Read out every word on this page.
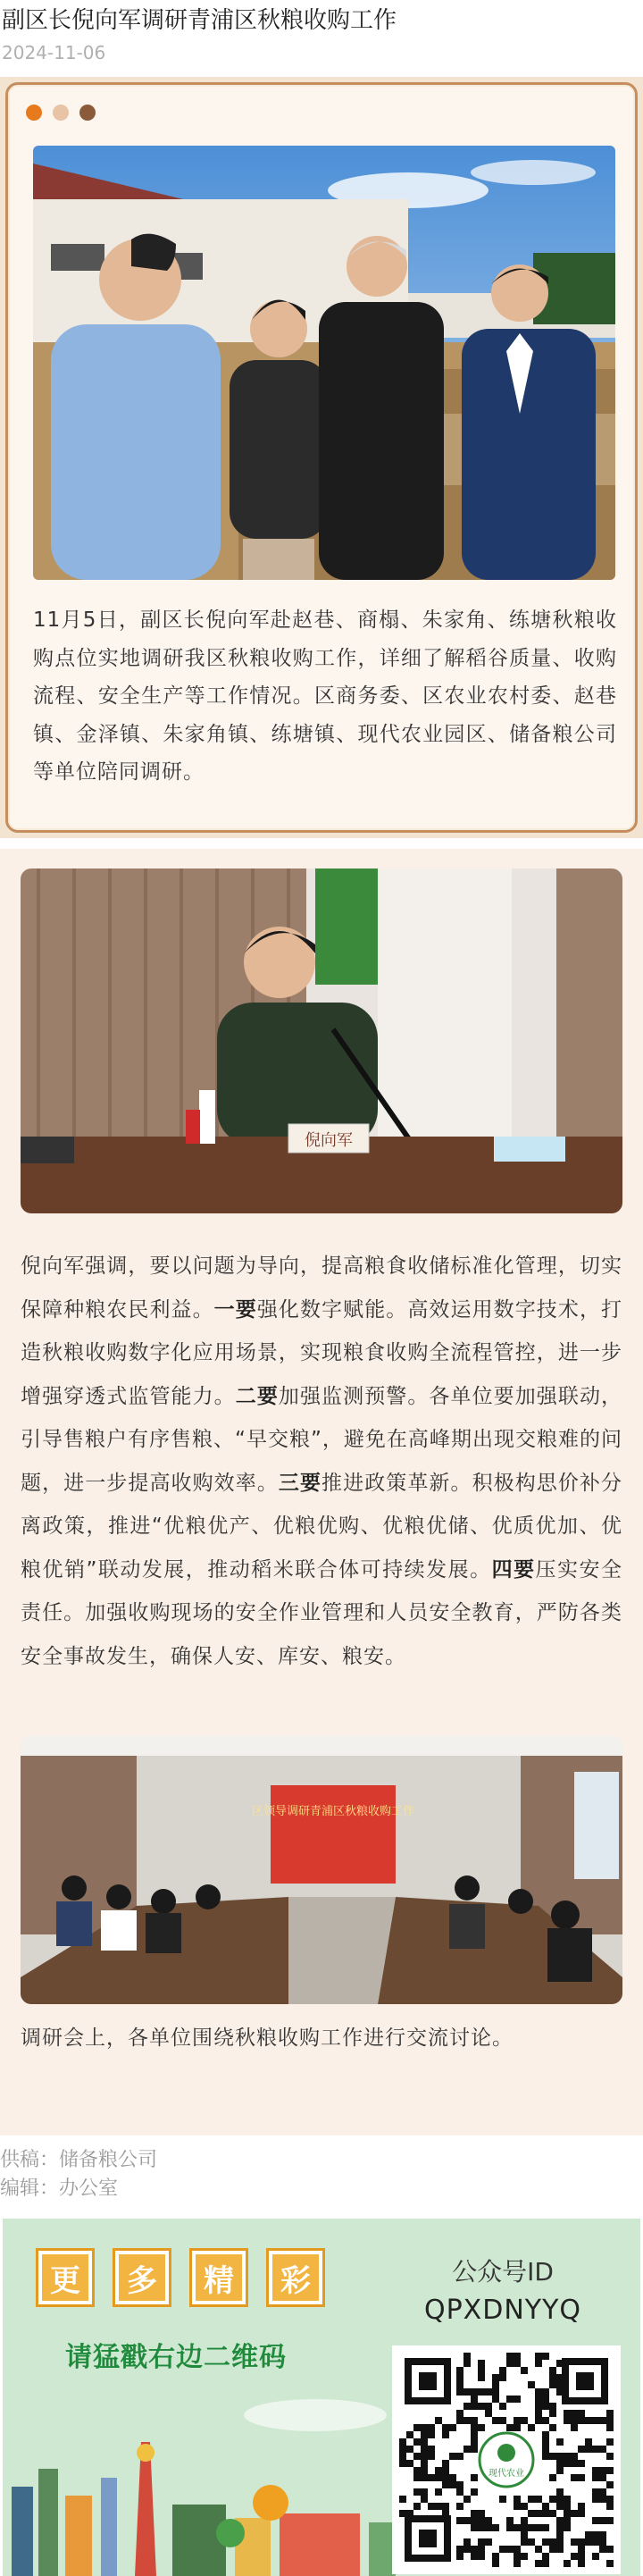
副区长倪向军调研青浦区秋粮收购工作
2024-11-06
11月5日，副区长倪向军赴赵巷、商榻、朱家角、练塘秋粮收购点位实地调研我区秋粮收购工作，详细了解稻谷质量、收购流程、安全生产等工作情况。区商务委、区农业农村委、赵巷镇、金泽镇、朱家角镇、练塘镇、现代农业园区、储备粮公司等单位陪同调研。
倪向军
倪向军强调，要以问题为导向，提高粮食收储标准化管理，切实保障种粮农民利益。一要强化数字赋能。高效运用数字技术，打造秋粮收购数字化应用场景，实现粮食收购全流程管控，进一步增强穿透式监管能力。二要加强监测预警。各单位要加强联动，引导售粮户有序售粮、“早交粮”，避免在高峰期出现交粮难的问题，进一步提高收购效率。三要推进政策革新。积极构思价补分离政策，推进“优粮优产、优粮优购、优粮优储、优质优加、优粮优销”联动发展，推动稻米联合体可持续发展。四要压实安全责任。加强收购现场的安全作业管理和人员安全教育，严防各类安全事故发生，确保人安、库安、粮安。
区领导调研青浦区秋粮收购工作
调研会上，各单位围绕秋粮收购工作进行交流讨论。
供稿：储备粮公司
编辑：办公室
更	多	精	彩
请猛戳右边二维码
公众号ID
QPXDNYYQ
现代农业
